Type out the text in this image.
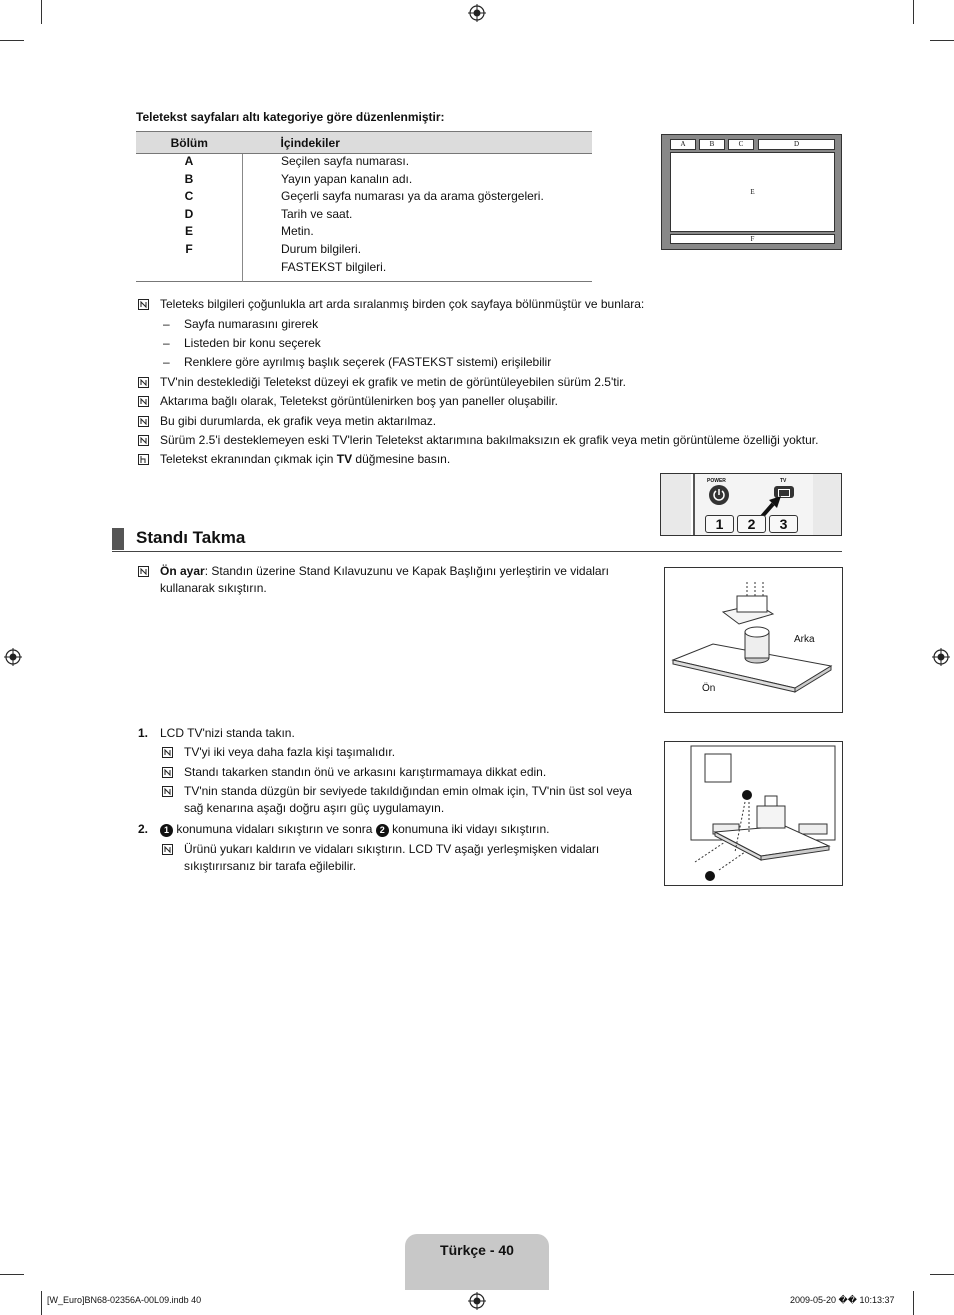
Teletekst sayfaları altı kategoriye göre düzenlenmiştir:
Bölüm	İçindekiler
A	Seçilen sayfa numarası.
B	Yayın yapan kanalın adı.
C	Geçerli sayfa numarası ya da arama göstergeleri.
D	Tarih ve saat.
E	Metin.
F	Durum bilgileri.
	FASTEKST bilgileri.
A	B	C	D
E
F
Teleteks bilgileri çoğunlukla art arda sıralanmış birden çok sayfaya bölünmüştür ve bunlara:
– Sayfa numarasını girerek
– Listeden bir konu seçerek
– Renklere göre ayrılmış başlık seçerek (FASTEKST sistemi) erişilebilir
TV'nin desteklediği Teletekst düzeyi ek grafik ve metin de görüntüleyebilen sürüm 2.5'tir.
Aktarıma bağlı olarak, Teletekst görüntülenirken boş yan paneller oluşabilir.
Bu gibi durumlarda, ek grafik veya metin aktarılmaz.
Sürüm 2.5'i desteklemeyen eski TV'lerin Teletekst aktarımına bakılmaksızın ek grafik veya metin görüntüleme özelliği yoktur.
Teletekst ekranından çıkmak için TV düğmesine basın.
POWER	TV
1	2	3
Standı Takma
Ön ayar: Standın üzerine Stand Kılavuzunu ve Kapak Başlığını yerleştirin ve vidaları
kullanarak sıkıştırın.
Arka
Ön
1. LCD TV'nizi standa takın.
TV'yi iki veya daha fazla kişi taşımalıdır.
Standı takarken standın önü ve arkasını karıştırmamaya dikkat edin.
TV'nin standa düzgün bir seviyede takıldığından emin olmak için, TV'nin üst sol veya
sağ kenarına aşağı doğru aşırı güç uygulamayın.
2.	1 konumuna vidaları sıkıştırın ve sonra 2 konumuna iki vidayı sıkıştırın.
Ürünü yukarı kaldırın ve vidaları sıkıştırın. LCD TV aşağı yerleşmişken vidaları
sıkıştırırsanız bir tarafa eğilebilir.
Türkçe - 40
[W_Euro]BN68-02356A-00L09.indb 40	2009-05-20 �� 10:13:37
